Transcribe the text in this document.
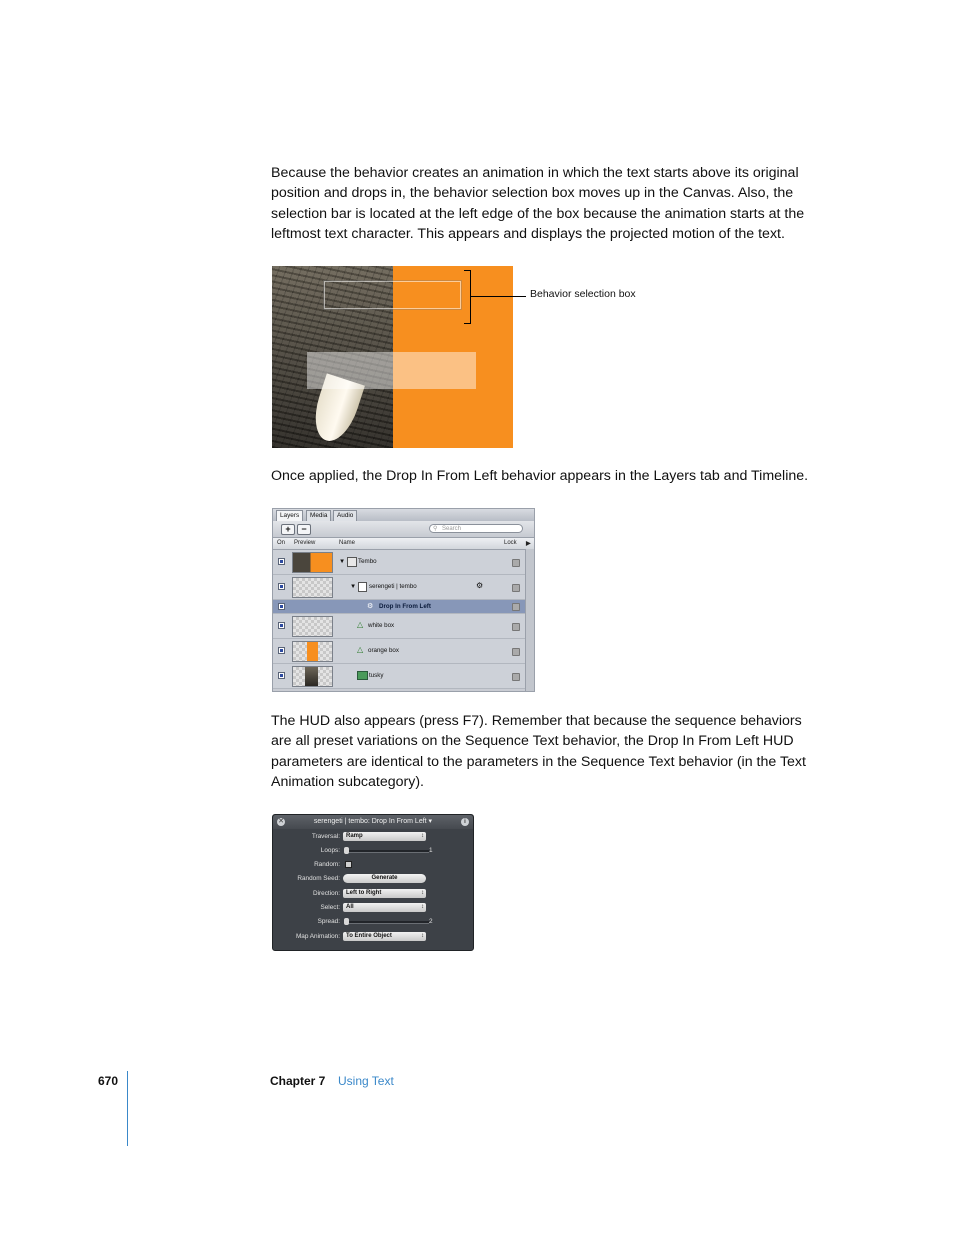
Because the behavior creates an animation in which the text starts above its original position and drops in, the behavior selection box moves up in the Canvas. Also, the selection bar is located at the left edge of the box because the animation starts at the leftmost text character. This appears and displays the projected motion of the text.

Behavior selection box

Once applied, the Drop In From Left behavior appears in the Layers tab and Timeline.

Layers	Media	Audio
+	−	⚲ Search
On Preview	Name	Lock ▶
▼ Tembo
▼ serengeti | tembo	⚙
⚙ Drop In From Left
△ white box
△ orange box
tusky

The HUD also appears (press F7). Remember that because the sequence behaviors are all preset variations on the Sequence Text behavior, the Drop In From Left HUD parameters are identical to the parameters in the Sequence Text behavior (in the Text Animation subcategory).

✕	serengeti | tembo: Drop In From Left ▾	i
Traversal:	Ramp ↕
Loops:	1
Random:
Random Seed:	Generate
Direction:	Left to Right ↕
Select:	All ↕
Spread:	2
Map Animation:	To Entire Object ↕
670	Chapter 7 Using Text
